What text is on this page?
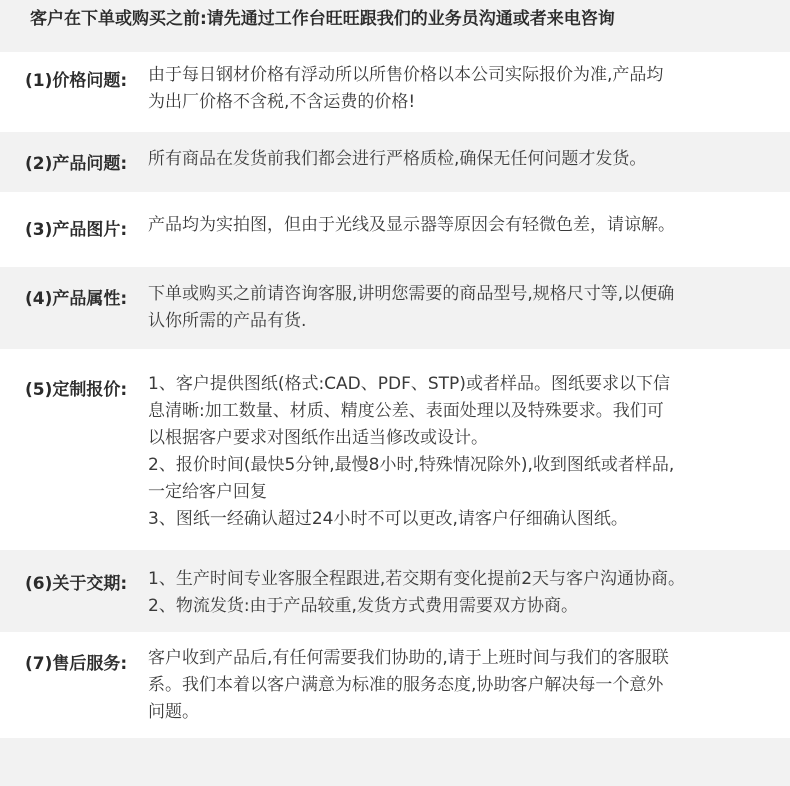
客户在下单或购买之前:请先通过工作台旺旺跟我们的业务员沟通或者来电咨询
(1)价格问题: 由于每日钢材价格有浮动所以所售价格以本公司实际报价为准,产品均
为出厂价格不含税,不含运费的价格!
(2)产品问题: 所有商品在发货前我们都会进行严格质检,确保无任何问题才发货。
(3)产品图片: 产品均为实拍图，但由于光线及显示器等原因会有轻微色差，请谅解。
(4)产品属性: 下单或购买之前请咨询客服,讲明您需要的商品型号,规格尺寸等,以便确
认你所需的产品有货.
(5)定制报价: 1、客户提供图纸(格式:CAD、PDF、STP)或者样品。图纸要求以下信
息清晰:加工数量、材质、精度公差、表面处理以及特殊要求。我们可
以根据客户要求对图纸作出适当修改或设计。
2、报价时间(最快5分钟,最慢8小时,特殊情况除外),收到图纸或者样品,
一定给客户回复
3、图纸一经确认超过24小时不可以更改,请客户仔细确认图纸。
(6)关于交期: 1、生产时间专业客服全程跟进,若交期有变化提前2天与客户沟通协商。
2、物流发货:由于产品较重,发货方式费用需要双方协商。
(7)售后服务: 客户收到产品后,有任何需要我们协助的,请于上班时间与我们的客服联
系。我们本着以客户满意为标准的服务态度,协助客户解决每一个意外
问题。
